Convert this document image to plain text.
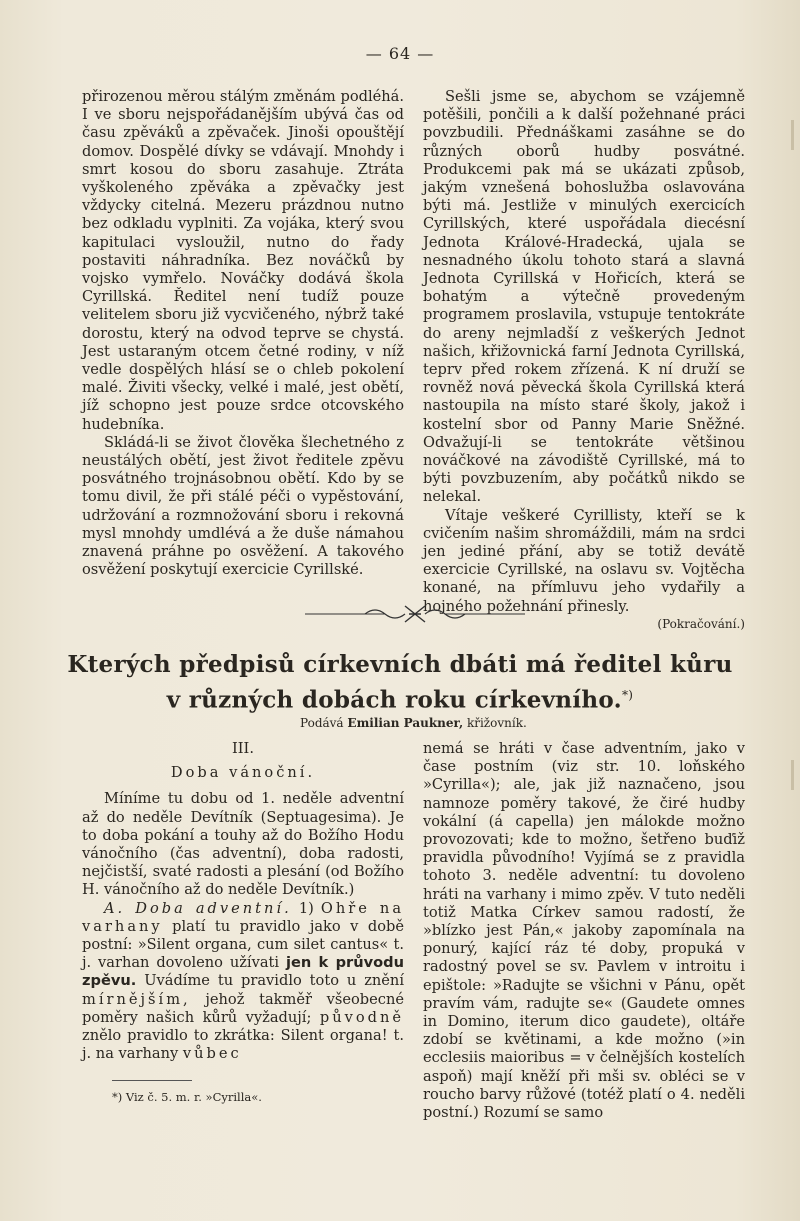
— 64 —

přirozenou měrou stálým změnám podléhá. I ve sboru nejspořádanějším ubývá čas od času zpěváků a zpěvaček. Jinoši opouštějí domov. Dospělé dívky se vdávají. Mnohdy i smrt kosou do sboru zasahuje. Ztráta vyškoleného zpěváka a zpěvačky jest vždycky citelná. Mezeru prázdnou nutno bez odkladu vyplniti. Za vojáka, který svou kapitulaci vysloužil, nutno do řady postaviti náhradníka. Bez nováčků by vojsko vymřelo. Nováčky dodává škola Cyrillská. Ředitel není tudíž pouze velitelem sboru již vycvičeného, nýbrž také dorostu, který na odvod teprve se chystá. Jest ustaraným otcem četné rodiny, v níž vedle dospělých hlásí se o chleb pokolení malé. Živiti všecky, velké i malé, jest obětí, jíž schopno jest pouze srdce otcovského hudebníka.

Skládá-li se život člověka šlechetného z neustálých obětí, jest život ředitele zpěvu posvátného trojnásobnou obětí. Kdo by se tomu divil, že při stálé péči o vypěstování, udržování a rozmnožování sboru i rekovná mysl mnohdy umdlévá a že duše námahou znavená práhne po osvěžení. A takového osvěžení poskytují exercicie Cyrillské.

Sešli jsme se, abychom se vzájemně potěšili, pončili a k další požehnané práci povzbudili. Přednáškami zasáhne se do různých oborů hudby posvátné. Produkcemi pak má se ukázati způsob, jakým vznešená bohoslužba oslavována býti má. Jestliže v minulých exercicích Cyrillských, které uspořádala diecésní Jednota Králové-Hradecká, ujala se nesnadného úkolu tohoto stará a slavná Jednota Cyrillská v Hořicích, která se bohatým a výtečně provedeným programem proslavila, vstupuje tentokráte do areny nejmladší z veškerých Jednot našich, křižovnická farní Jednota Cyrillská, teprv před rokem zřízená. K ní druží se rovněž nová pěvecká škola Cyrillská která nastoupila na místo staré školy, jakož i kostelní sbor od Panny Marie Sněžné. Odvažují-li se tentokráte většinou nováčkové na závodiště Cyrillské, má to býti povzbuzením, aby počátků nikdo se nelekal.

Vítaje veškeré Cyrillisty, kteří se k cvičením našim shromáždili, mám na srdci jen jediné přání, aby se totiž devátě exercicie Cyrillské, na oslavu sv. Vojtěcha konané, na přímluvu jeho vydařily a hojného požehnání přinesly.

(Pokračování.)
Kterých předpisů církevních dbáti má ředitel kůru v různých dobách roku církevního.*)
Podává Emilian Paukner, křižovník.

III.

Doba vánoční.

Míníme tu dobu od 1. neděle adventní až do neděle Devítník (Septuagesima). Je to doba pokání a touhy až do Božího Hodu vánočního (čas adventní), doba radosti, nejčistší, svaté radosti a plesání (od Božího H. vánočního až do neděle Devítník.)

A. Doba adventní. 1) Ohře na varhany platí tu pravidlo jako v době postní: »Silent organa, cum silet cantus« t. j. varhan dovoleno užívati jen k průvodu zpěvu. Uvádíme tu pravidlo toto u znění mírnějším, jehož takměř všeobecné poměry našich kůrů vyžadují; původně znělo pravidlo to zkrátka: Silent organa! t. j. na varhany vůbec

nemá se hráti v čase adventním, jako v čase postním (viz str. 10. loňského »Cyrilla«); ale, jak již naznačeno, jsou namnoze poměry takové, že čiré hudby vokální (á capella) jen málokde možno provozovati; kde to možno, šetřeno buďiž pravidla původního! Vyjímá se z pravidla tohoto 3. neděle adventní: tu dovoleno hráti na varhany i mimo zpěv. V tuto neděli totiž Matka Církev samou radostí, že »blízko jest Pán,« jakoby zapomínala na ponurý, kající ráz té doby, propuká v radostný povel se sv. Pavlem v introitu i epištole: »Radujte se všichni v Pánu, opět pravím vám, radujte se« (Gaudete omnes in Domino, iterum dico gaudete), oltáře zdobí se květinami, a kde možno (»in ecclesiis maioribus = v čelnějších kostelích aspoň) mají kněží při mši sv. obléci se v roucho barvy růžové (totéž platí o 4. neděli postní.) Rozumí se samo

*) Viz č. 5. m. r. »Cyrilla«.
